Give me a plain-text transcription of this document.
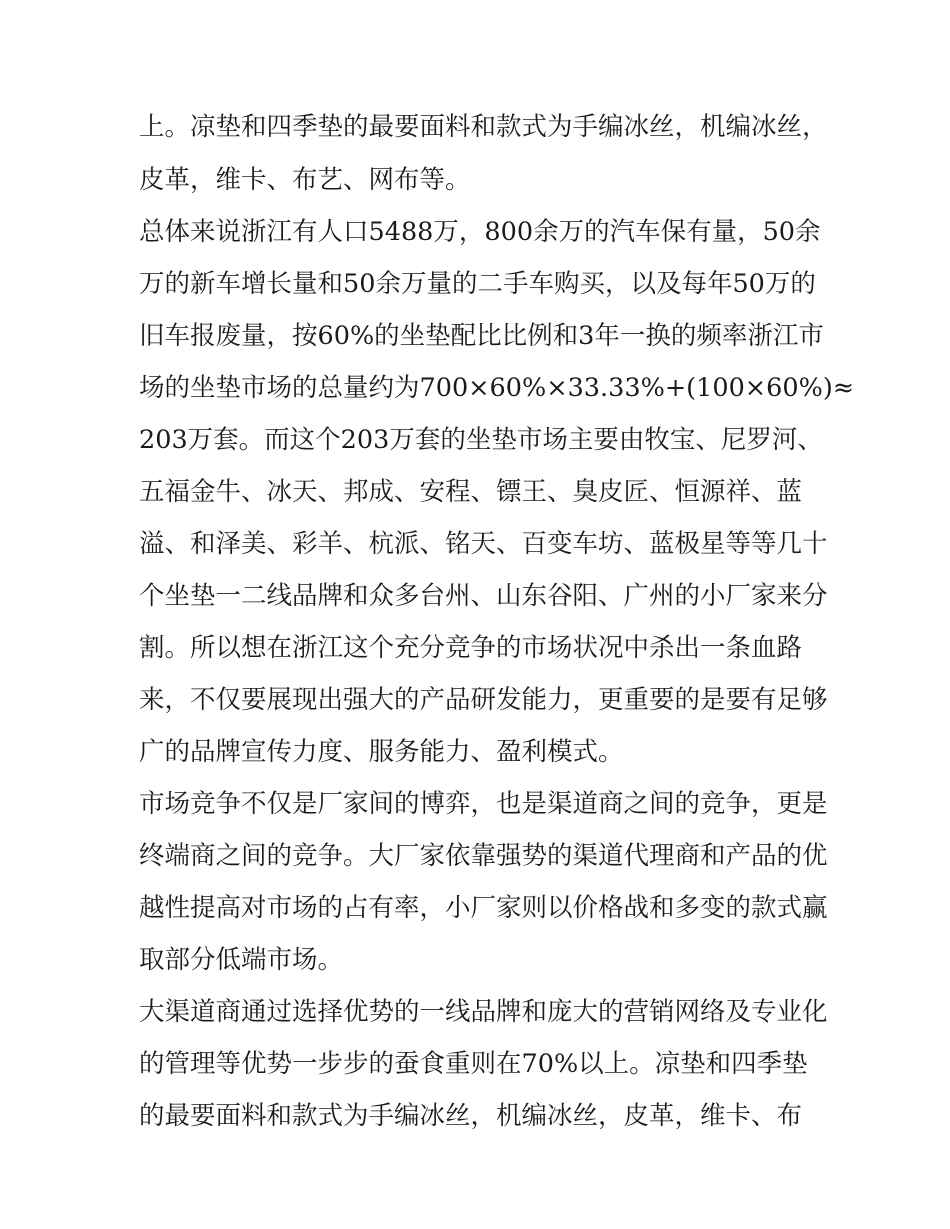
上。凉垫和四季垫的最要面料和款式为手编冰丝，机编冰丝，
皮革，维卡、布艺、网布等。
总体来说浙江有人口5488万，800余万的汽车保有量，50余
万的新车增长量和50余万量的二手车购买，以及每年50万的
旧车报废量，按60%的坐垫配比比例和3年一换的频率浙江市
场的坐垫市场的总量约为700×60%×33.33%+(100×60%)≈
203万套。而这个203万套的坐垫市场主要由牧宝、尼罗河、
五福金牛、冰天、邦成、安程、镖王、臭皮匠、恒源祥、蓝
溢、和泽美、彩羊、杭派、铭天、百变车坊、蓝极星等等几十
个坐垫一二线品牌和众多台州、山东谷阳、广州的小厂家来分
割。所以想在浙江这个充分竞争的市场状况中杀出一条血路
来，不仅要展现出强大的产品研发能力，更重要的是要有足够
广的品牌宣传力度、服务能力、盈利模式。
市场竞争不仅是厂家间的博弈，也是渠道商之间的竞争，更是
终端商之间的竞争。大厂家依靠强势的渠道代理商和产品的优
越性提高对市场的占有率，小厂家则以价格战和多变的款式赢
取部分低端市场。
大渠道商通过选择优势的一线品牌和庞大的营销网络及专业化
的管理等优势一步步的蚕食重则在70%以上。凉垫和四季垫
的最要面料和款式为手编冰丝，机编冰丝，皮革，维卡、布
